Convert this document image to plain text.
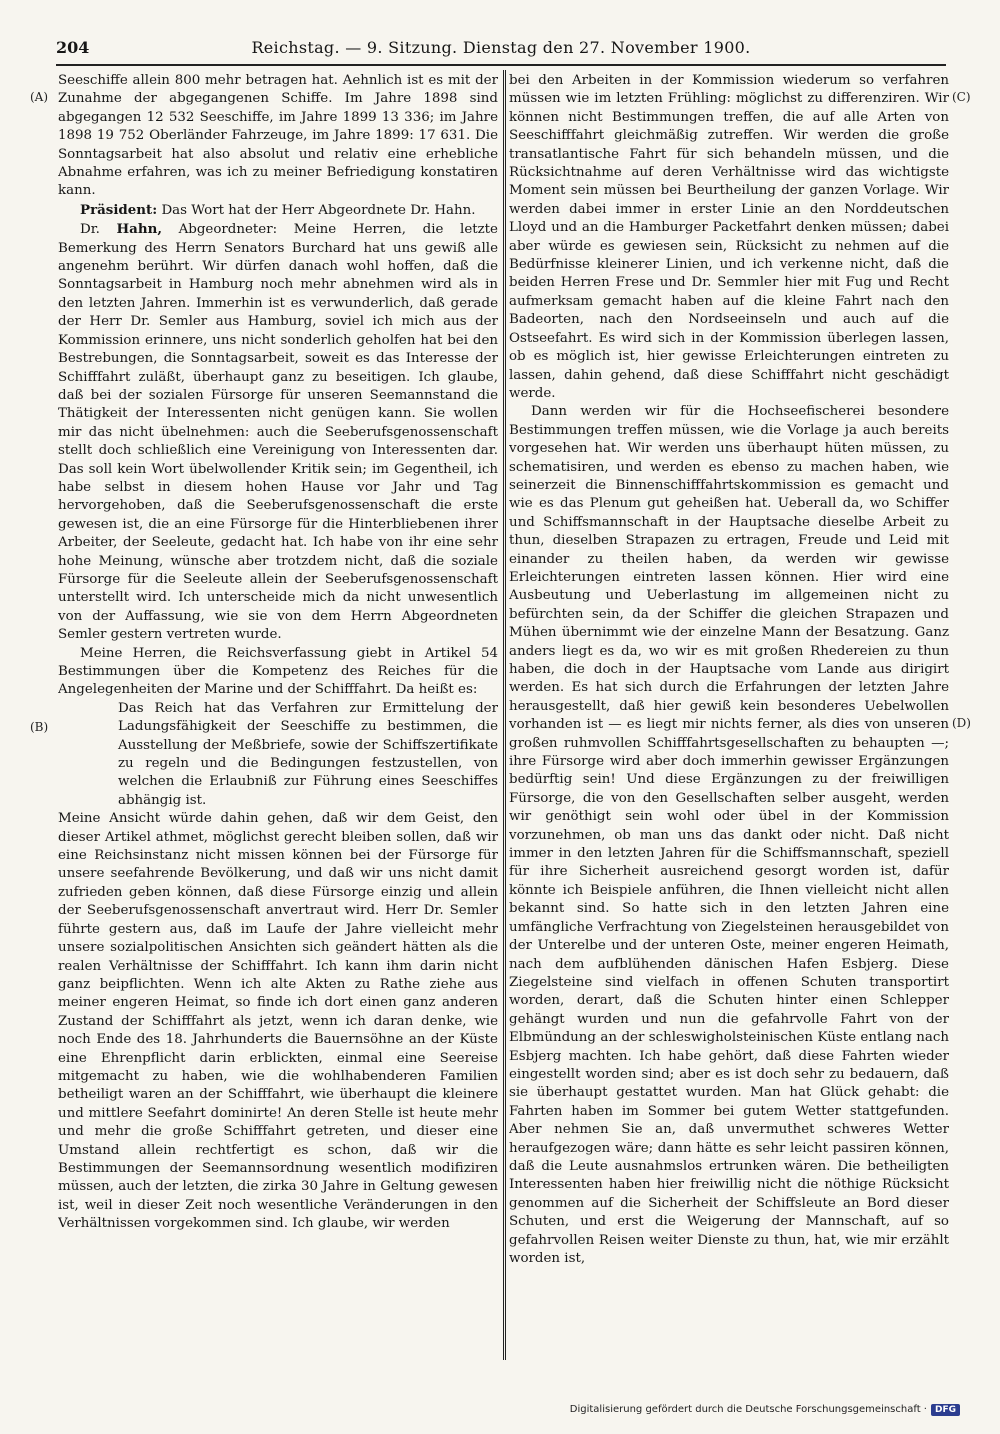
204	Reichstag. — 9. Sitzung. Dienstag den 27. November 1900.
(A)
(B)
(C)
(D)

Seeschiffe allein 800 mehr betragen hat. Aehnlich ist es mit der Zunahme der abgegangenen Schiffe. Im Jahre 1898 sind abgegangen 12 532 Seeschiffe, im Jahre 1899 13 336; im Jahre 1898 19 752 Oberländer Fahrzeuge, im Jahre 1899: 17 631. Die Sonntagsarbeit hat also absolut und relativ eine erhebliche Abnahme erfahren, was ich zu meiner Befriedigung konstatiren kann.

Präsident: Das Wort hat der Herr Abgeordnete Dr. Hahn.

Dr. Hahn, Abgeordneter: Meine Herren, die letzte Bemerkung des Herrn Senators Burchard hat uns gewiß alle angenehm berührt. Wir dürfen danach wohl hoffen, daß die Sonntagsarbeit in Hamburg noch mehr abnehmen wird als in den letzten Jahren. Immerhin ist es verwunderlich, daß gerade der Herr Dr. Semler aus Hamburg, soviel ich mich aus der Kommission erinnere, uns nicht sonderlich geholfen hat bei den Bestrebungen, die Sonntagsarbeit, soweit es das Interesse der Schifffahrt zuläßt, überhaupt ganz zu beseitigen. Ich glaube, daß bei der sozialen Fürsorge für unseren Seemannstand die Thätigkeit der Interessenten nicht genügen kann. Sie wollen mir das nicht übelnehmen: auch die Seeberufsgenossenschaft stellt doch schließlich eine Vereinigung von Interessenten dar. Das soll kein Wort übelwollender Kritik sein; im Gegentheil, ich habe selbst in diesem hohen Hause vor Jahr und Tag hervorgehoben, daß die Seeberufsgenossenschaft die erste gewesen ist, die an eine Fürsorge für die Hinterbliebenen ihrer Arbeiter, der Seeleute, gedacht hat. Ich habe von ihr eine sehr hohe Meinung, wünsche aber trotzdem nicht, daß die soziale Fürsorge für die Seeleute allein der Seeberufsgenossenschaft unterstellt wird. Ich unterscheide mich da nicht unwesentlich von der Auffassung, wie sie von dem Herrn Abgeordneten Semler gestern vertreten wurde.

Meine Herren, die Reichsverfassung giebt in Artikel 54 Bestimmungen über die Kompetenz des Reiches für die Angelegenheiten der Marine und der Schifffahrt. Da heißt es:

Das Reich hat das Verfahren zur Ermittelung der Ladungsfähigkeit der Seeschiffe zu bestimmen, die Ausstellung der Meßbriefe, sowie der Schiffszertifikate zu regeln und die Bedingungen festzustellen, von welchen die Erlaubniß zur Führung eines Seeschiffes abhängig ist.

Meine Ansicht würde dahin gehen, daß wir dem Geist, den dieser Artikel athmet, möglichst gerecht bleiben sollen, daß wir eine Reichsinstanz nicht missen können bei der Fürsorge für unsere seefahrende Bevölkerung, und daß wir uns nicht damit zufrieden geben können, daß diese Fürsorge einzig und allein der Seeberufsgenossenschaft anvertraut wird. Herr Dr. Semler führte gestern aus, daß im Laufe der Jahre vielleicht mehr unsere sozialpolitischen Ansichten sich geändert hätten als die realen Verhältnisse der Schifffahrt. Ich kann ihm darin nicht ganz beipflichten. Wenn ich alte Akten zu Rathe ziehe aus meiner engeren Heimat, so finde ich dort einen ganz anderen Zustand der Schifffahrt als jetzt, wenn ich daran denke, wie noch Ende des 18. Jahrhunderts die Bauernsöhne an der Küste eine Ehrenpflicht darin erblickten, einmal eine Seereise mitgemacht zu haben, wie die wohlhabenderen Familien betheiligt waren an der Schifffahrt, wie überhaupt die kleinere und mittlere Seefahrt dominirte! An deren Stelle ist heute mehr und mehr die große Schifffahrt getreten, und dieser eine Umstand allein rechtfertigt es schon, daß wir die Bestimmungen der Seemannsordnung wesentlich modifiziren müssen, auch der letzten, die zirka 30 Jahre in Geltung gewesen ist, weil in dieser Zeit noch wesentliche Veränderungen in den Verhältnissen vorgekommen sind. Ich glaube, wir werden

bei den Arbeiten in der Kommission wiederum so verfahren müssen wie im letzten Frühling: möglichst zu differenziren. Wir können nicht Bestimmungen treffen, die auf alle Arten von Seeschifffahrt gleichmäßig zutreffen. Wir werden die große transatlantische Fahrt für sich behandeln müssen, und die Rücksichtnahme auf deren Verhältnisse wird das wichtigste Moment sein müssen bei Beurtheilung der ganzen Vorlage. Wir werden dabei immer in erster Linie an den Norddeutschen Lloyd und an die Hamburger Packetfahrt denken müssen; dabei aber würde es gewiesen sein, Rücksicht zu nehmen auf die Bedürfnisse kleinerer Linien, und ich verkenne nicht, daß die beiden Herren Frese und Dr. Semmler hier mit Fug und Recht aufmerksam gemacht haben auf die kleine Fahrt nach den Badeorten, nach den Nordseeinseln und auch auf die Ostseefahrt. Es wird sich in der Kommission überlegen lassen, ob es möglich ist, hier gewisse Erleichterungen eintreten zu lassen, dahin gehend, daß diese Schifffahrt nicht geschädigt werde.

Dann werden wir für die Hochseefischerei besondere Bestimmungen treffen müssen, wie die Vorlage ja auch bereits vorgesehen hat. Wir werden uns überhaupt hüten müssen, zu schematisiren, und werden es ebenso zu machen haben, wie seinerzeit die Binnenschifffahrtskommission es gemacht und wie es das Plenum gut geheißen hat. Ueberall da, wo Schiffer und Schiffsmannschaft in der Hauptsache dieselbe Arbeit zu thun, dieselben Strapazen zu ertragen, Freude und Leid mit einander zu theilen haben, da werden wir gewisse Erleichterungen eintreten lassen können. Hier wird eine Ausbeutung und Ueberlastung im allgemeinen nicht zu befürchten sein, da der Schiffer die gleichen Strapazen und Mühen übernimmt wie der einzelne Mann der Besatzung. Ganz anders liegt es da, wo wir es mit großen Rhedereien zu thun haben, die doch in der Hauptsache vom Lande aus dirigirt werden. Es hat sich durch die Erfahrungen der letzten Jahre herausgestellt, daß hier gewiß kein besonderes Uebelwollen vorhanden ist — es liegt mir nichts ferner, als dies von unseren großen ruhmvollen Schifffahrtsgesellschaften zu behaupten —; ihre Fürsorge wird aber doch immerhin gewisser Ergänzungen bedürftig sein! Und diese Ergänzungen zu der freiwilligen Fürsorge, die von den Gesellschaften selber ausgeht, werden wir genöthigt sein wohl oder übel in der Kommission vorzunehmen, ob man uns das dankt oder nicht. Daß nicht immer in den letzten Jahren für die Schiffsmannschaft, speziell für ihre Sicherheit ausreichend gesorgt worden ist, dafür könnte ich Beispiele anführen, die Ihnen vielleicht nicht allen bekannt sind. So hatte sich in den letzten Jahren eine umfängliche Verfrachtung von Ziegelsteinen herausgebildet von der Unterelbe und der unteren Oste, meiner engeren Heimath, nach dem aufblühenden dänischen Hafen Esbjerg. Diese Ziegelsteine sind vielfach in offenen Schuten transportirt worden, derart, daß die Schuten hinter einen Schlepper gehängt wurden und nun die gefahrvolle Fahrt von der Elbmündung an der schleswigholsteinischen Küste entlang nach Esbjerg machten. Ich habe gehört, daß diese Fahrten wieder eingestellt worden sind; aber es ist doch sehr zu bedauern, daß sie überhaupt gestattet wurden. Man hat Glück gehabt: die Fahrten haben im Sommer bei gutem Wetter stattgefunden. Aber nehmen Sie an, daß unvermuthet schweres Wetter heraufgezogen wäre; dann hätte es sehr leicht passiren können, daß die Leute ausnahmslos ertrunken wären. Die betheiligten Interessenten haben hier freiwillig nicht die nöthige Rücksicht genommen auf die Sicherheit der Schiffsleute an Bord dieser Schuten, und erst die Weigerung der Mannschaft, auf so gefahrvollen Reisen weiter Dienste zu thun, hat, wie mir erzählt worden ist,

Digitalisierung gefördert durch die Deutsche Forschungsgemeinschaft · DFG
